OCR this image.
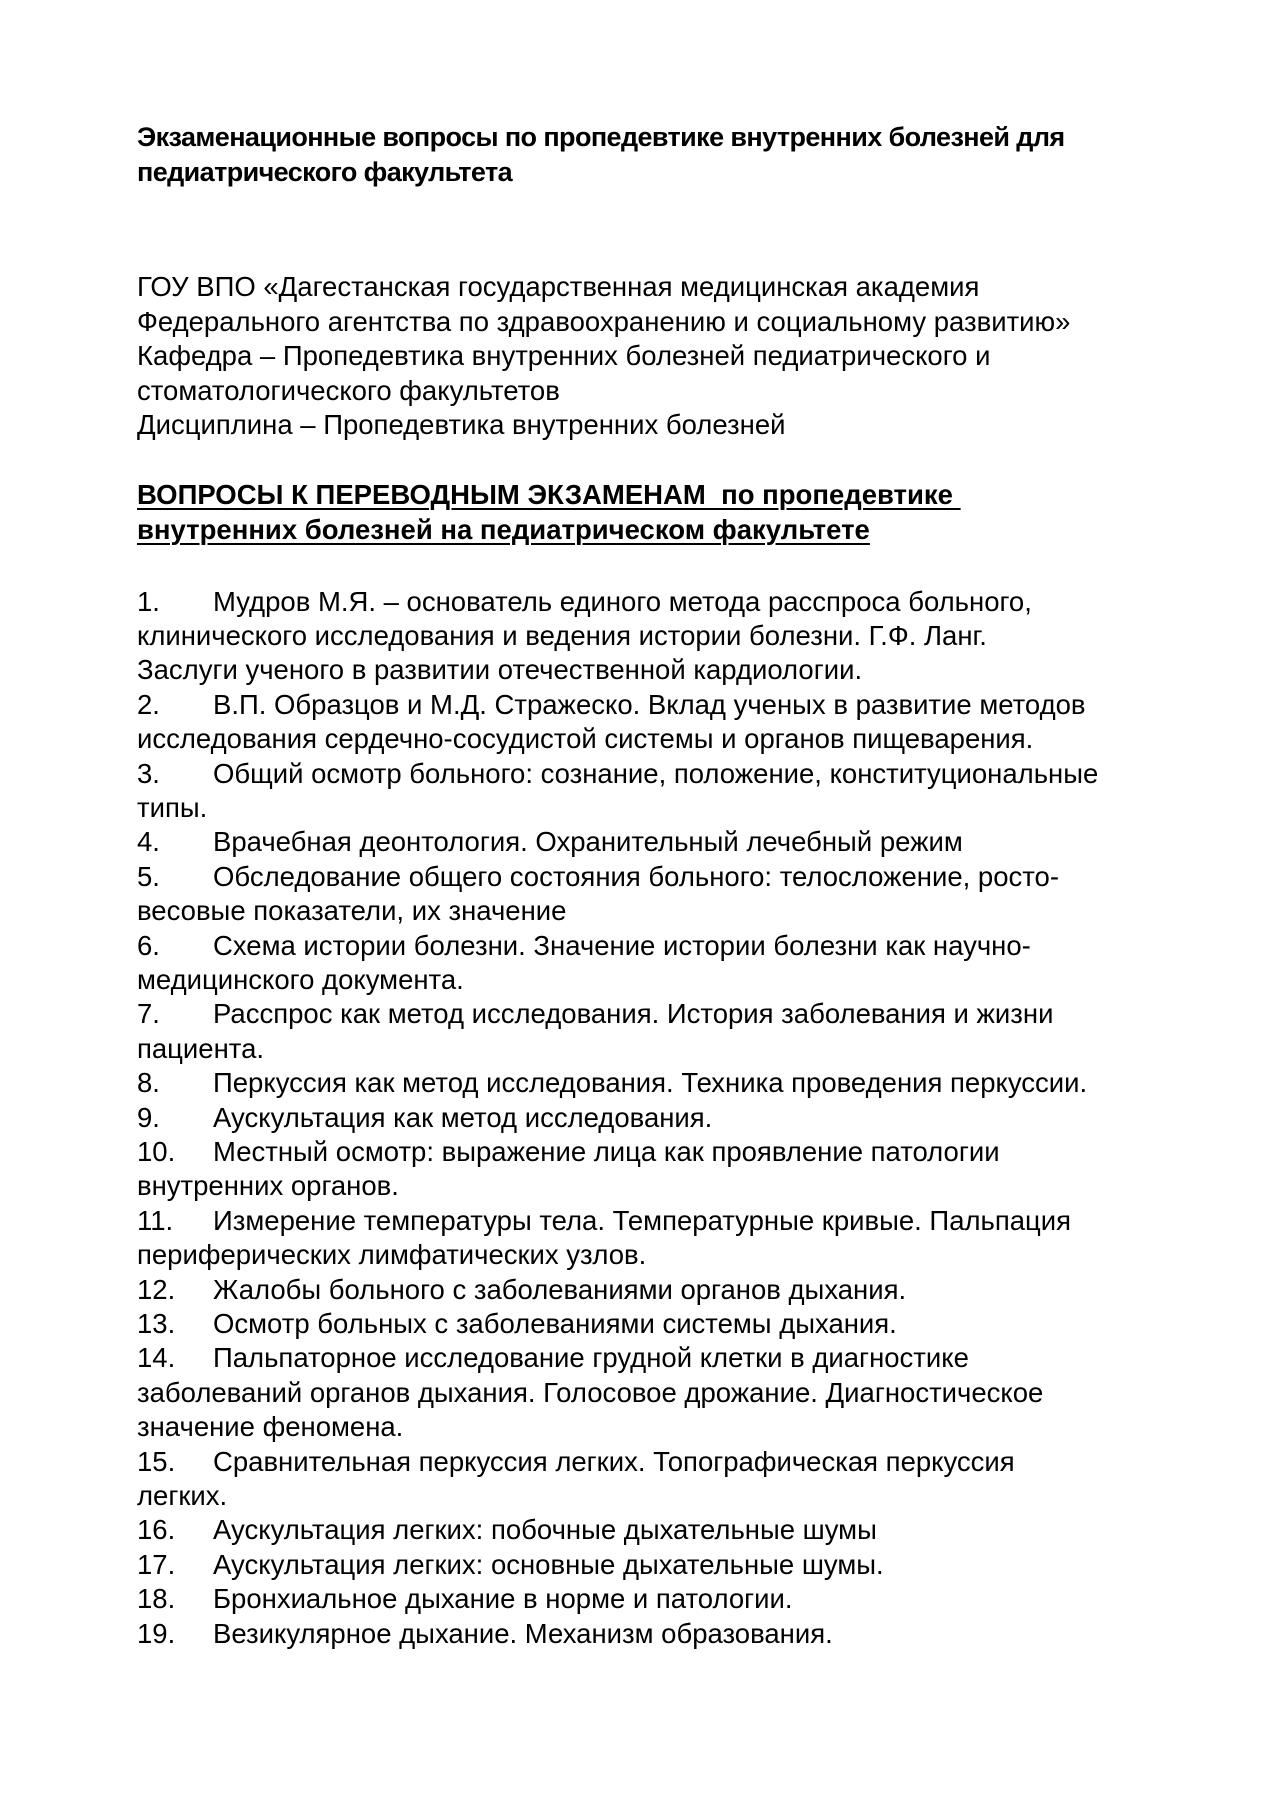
Экзаменационные вопросы по пропедевтике внутренних болезней для
педиатрического факультета
ГОУ ВПО «Дагестанская государственная медицинская академия
Федерального агентства по здравоохранению и социальному развитию»
Кафедра – Пропедевтика внутренних болезней педиатрического и
стоматологического факультетов
Дисциплина – Пропедевтика внутренних болезней
ВОПРОСЫ К ПЕРЕВОДНЫМ ЭКЗАМЕНАМ  по пропедевтике
внутренних болезней на педиатрическом факультете
1. Мудров М.Я. – основатель единого метода расспроса больного,
клинического исследования и ведения истории болезни. Г.Ф. Ланг.
Заслуги ученого в развитии отечественной кардиологии.
2. В.П. Образцов и М.Д. Стражеско. Вклад ученых в развитие методов
исследования сердечно-сосудистой системы и органов пищеварения.
3. Общий осмотр больного: сознание, положение, конституциональные
типы.
4. Врачебная деонтология. Охранительный лечебный режим
5. Обследование общего состояния больного: телосложение, росто-
весовые показатели, их значение
6. Схема истории болезни. Значение истории болезни как научно-
медицинского документа.
7. Расспрос как метод исследования. История заболевания и жизни
пациента.
8. Перкуссия как метод исследования. Техника проведения перкуссии.
9. Аускультация как метод исследования.
10. Местный осмотр: выражение лица как проявление патологии
внутренних органов.
11. Измерение температуры тела. Температурные кривые. Пальпация
периферических лимфатических узлов.
12. Жалобы больного с заболеваниями органов дыхания.
13. Осмотр больных с заболеваниями системы дыхания.
14. Пальпаторное исследование грудной клетки в диагностике
заболеваний органов дыхания. Голосовое дрожание. Диагностическое
значение феномена.
15. Сравнительная перкуссия легких. Топографическая перкуссия
легких.
16. Аускультация легких: побочные дыхательные шумы
17. Аускультация легких: основные дыхательные шумы.
18. Бронхиальное дыхание в норме и патологии.
19. Везикулярное дыхание. Механизм образования.
